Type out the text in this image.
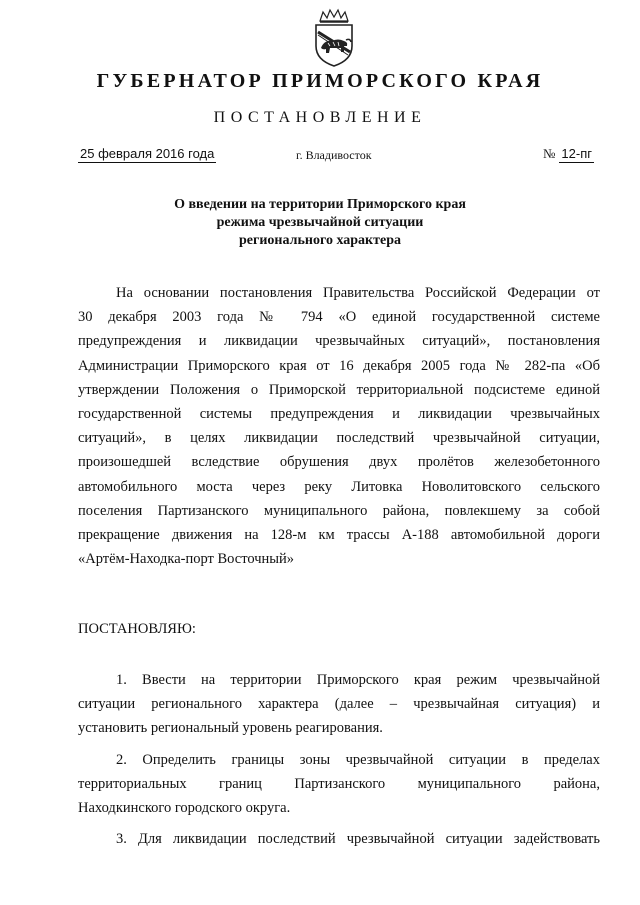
ГУБЕРНАТОР ПРИМОРСКОГО КРАЯ
ПОСТАНОВЛЕНИЕ
25 февраля 2016 года	г. Владивосток	№ 12-пг
О введении на территории Приморского края
режима чрезвычайной ситуации
регионального характера

На основании постановления Правительства Российской Федерации от

30 декабря 2003 года № 794 «О единой государственной системе

предупреждения и ликвидации чрезвычайных ситуаций», постановления

Администрации Приморского края от 16 декабря 2005 года № 282-па «Об

утверждении Положения о Приморской территориальной подсистеме единой

государственной системы предупреждения и ликвидации чрезвычайных

ситуаций», в целях ликвидации последствий чрезвычайной ситуации,

произошедшей вследствие обрушения двух пролётов железобетонного

автомобильного моста через реку Литовка Новолитовского сельского

поселения Партизанского муниципального района, повлекшему за собой

прекращение движения на 128-м км трассы А-188 автомобильной дороги

«Артём-Находка-порт Восточный»

ПОСТАНОВЛЯЮ:

1. Ввести на территории Приморского края режим чрезвычайной

ситуации регионального характера (далее – чрезвычайная ситуация) и

установить региональный уровень реагирования.

2. Определить границы зоны чрезвычайной ситуации в пределах

территориальных границ Партизанского муниципального района,

Находкинского городского округа.

3. Для ликвидации последствий чрезвычайной ситуации задействовать
